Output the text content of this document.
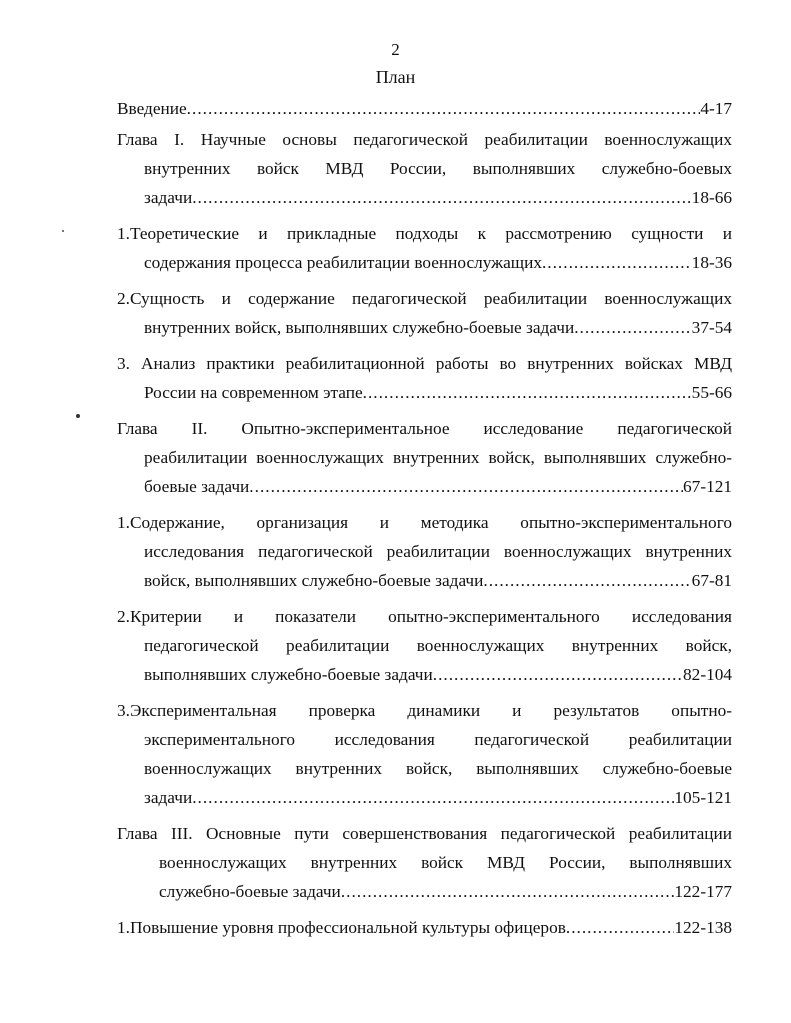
2
План
Введение .....	4-17
Глава I. Научные основы педагогической реабилитации военнослужащих
внутренних войск МВД России, выполнявших служебно-боевых
задачи .....	18-66
1.Теоретические и прикладные подходы к рассмотрению сущности и
содержания процесса реабилитации военнослужащих .....	18-36
2.Сущность и содержание педагогической реабилитации военнослужащих
внутренних войск, выполнявших служебно-боевые задачи .....	37-54
3. Анализ практики реабилитационной работы во внутренних войсках МВД
России на современном этапе .....	55-66
Глава II. Опытно-экспериментальное исследование педагогической
реабилитации военнослужащих внутренних войск, выполнявших служебно-
боевые задачи .....	67-121
1.Содержание, организация и методика опытно-экспериментального
исследования педагогической реабилитации военнослужащих внутренних
войск, выполнявших служебно-боевые задачи .....	67-81
2.Критерии и показатели опытно-экспериментального исследования
педагогической реабилитации военнослужащих внутренних войск,
выполнявших служебно-боевые задачи .....	82-104
3.Экспериментальная проверка динамики и результатов опытно-
экспериментального исследования педагогической реабилитации
военнослужащих внутренних войск, выполнявших служебно-боевые
задачи .....	105-121
Глава III. Основные пути совершенствования педагогической реабилитации
военнослужащих внутренних войск МВД России, выполнявших
служебно-боевые задачи .....	122-177
1.Повышение уровня профессиональной культуры офицеров .....	122-138
